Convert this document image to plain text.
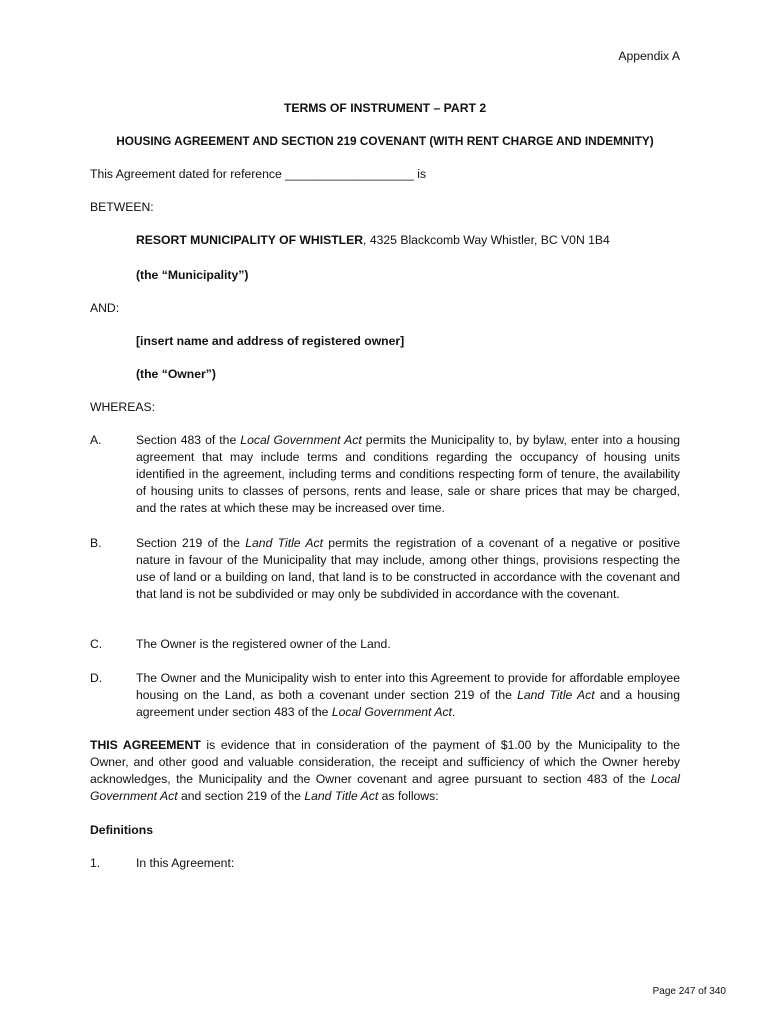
Appendix A
TERMS OF INSTRUMENT – PART 2
HOUSING AGREEMENT AND SECTION 219 COVENANT (WITH RENT CHARGE AND INDEMNITY)
This Agreement dated for reference ___________________ is
BETWEEN:
RESORT MUNICIPALITY OF WHISTLER, 4325 Blackcomb Way Whistler, BC V0N 1B4
(the “Municipality”)
AND:
[insert name and address of registered owner]
(the “Owner”)
WHEREAS:
A.	Section 483 of the Local Government Act permits the Municipality to, by bylaw, enter into a housing agreement that may include terms and conditions regarding the occupancy of housing units identified in the agreement, including terms and conditions respecting form of tenure, the availability of housing units to classes of persons, rents and lease, sale or share prices that may be charged, and the rates at which these may be increased over time.
B.	Section 219 of the Land Title Act permits the registration of a covenant of a negative or positive nature in favour of the Municipality that may include, among other things, provisions respecting the use of land or a building on land, that land is to be constructed in accordance with the covenant and that land is not be subdivided or may only be subdivided in accordance with the covenant.
C.	The Owner is the registered owner of the Land.
D.	The Owner and the Municipality wish to enter into this Agreement to provide for affordable employee housing on the Land, as both a covenant under section 219 of the Land Title Act and a housing agreement under section 483 of the Local Government Act.
THIS AGREEMENT is evidence that in consideration of the payment of $1.00 by the Municipality to the Owner, and other good and valuable consideration, the receipt and sufficiency of which the Owner hereby acknowledges, the Municipality and the Owner covenant and agree pursuant to section 483 of the Local Government Act and section 219 of the Land Title Act as follows:
Definitions
1.	In this Agreement:
Page 247 of 340
